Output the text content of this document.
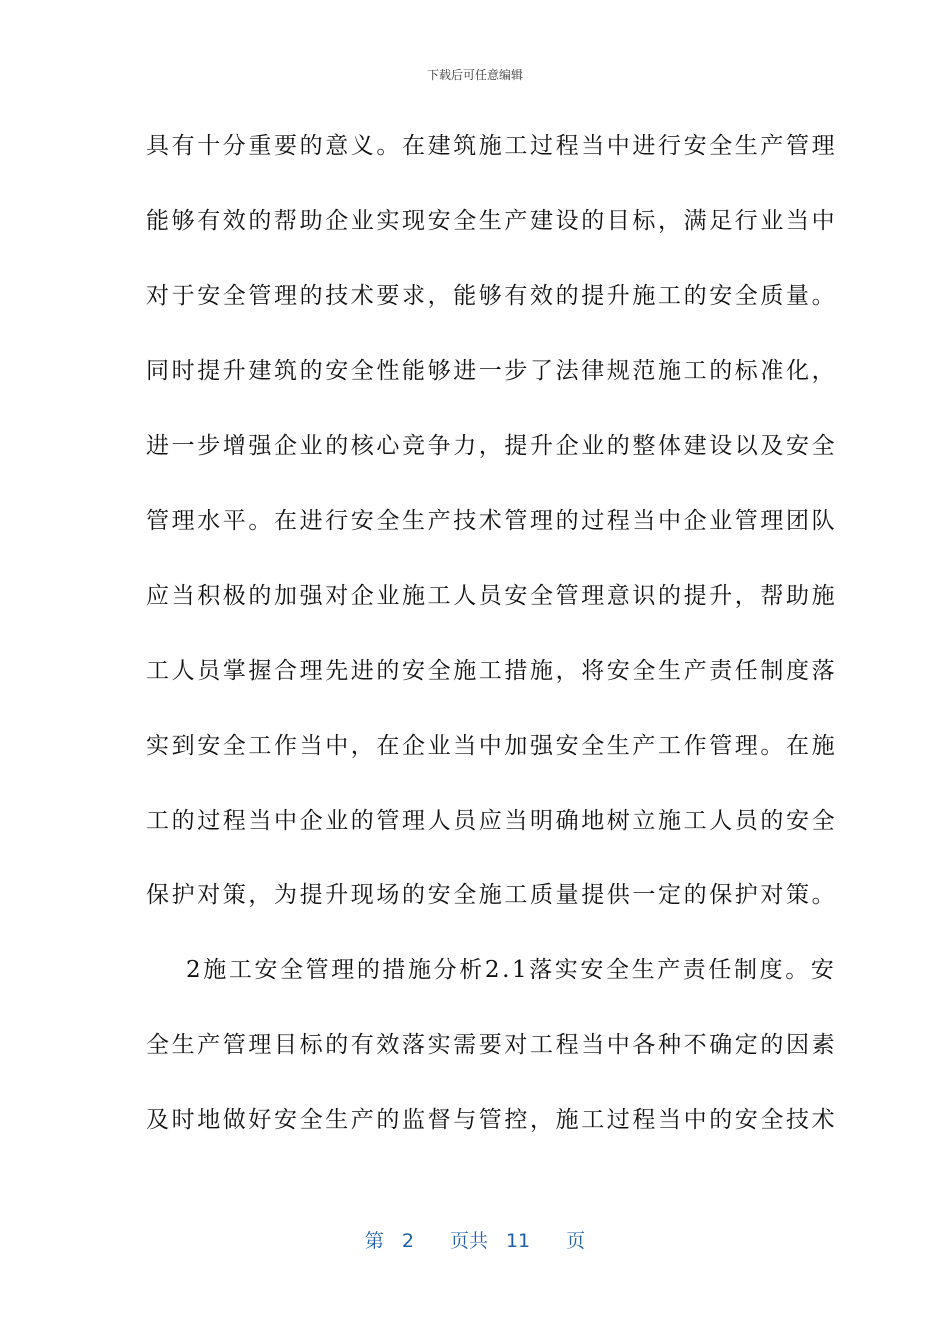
下载后可任意编辑
具有十分重要的意义。在建筑施工过程当中进行安全生产管理
能够有效的帮助企业实现安全生产建设的目标，满足行业当中
对于安全管理的技术要求，能够有效的提升施工的安全质量。
同时提升建筑的安全性能够进一步了法律规范施工的标准化，
进一步增强企业的核心竞争力，提升企业的整体建设以及安全
管理水平。在进行安全生产技术管理的过程当中企业管理团队
应当积极的加强对企业施工人员安全管理意识的提升，帮助施
工人员掌握合理先进的安全施工措施，将安全生产责任制度落
实到安全工作当中，在企业当中加强安全生产工作管理。在施
工的过程当中企业的管理人员应当明确地树立施工人员的安全
保护对策，为提升现场的安全施工质量提供一定的保护对策。
2施工安全管理的措施分析2.1落实安全生产责任制度。安
全生产管理目标的有效落实需要对工程当中各种不确定的因素
及时地做好安全生产的监督与管控，施工过程当中的安全技术
第 2 页共 11 页
